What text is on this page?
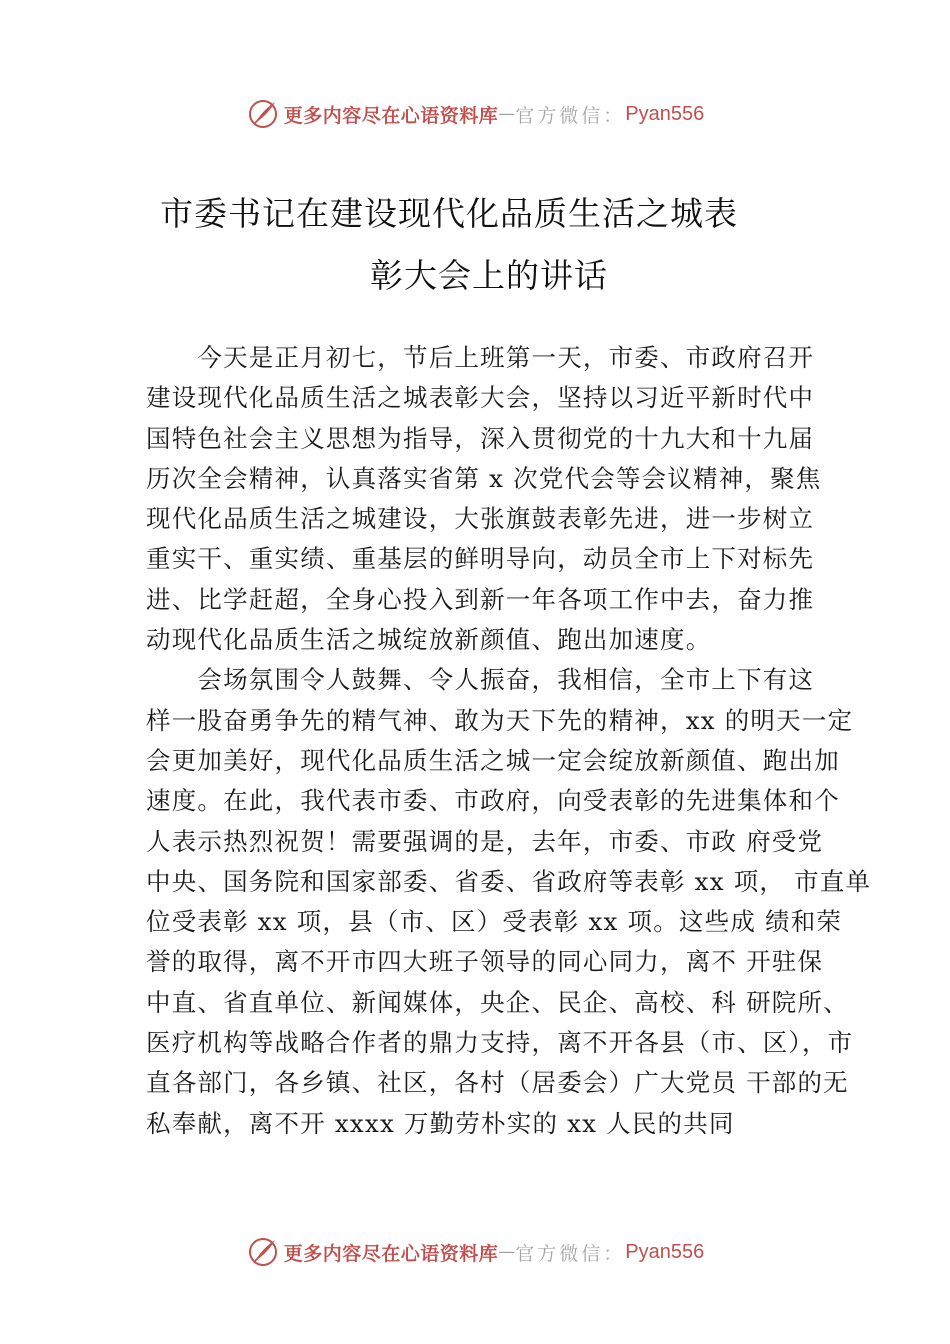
更多内容尽在心语资料库 — 官方微信： Pyan556
市委书记在建设现代化品质生活之城表
彰大会上的讲话
　　今天是正月初七，节后上班第一天，市委、市政府召开
建设现代化品质生活之城表彰大会，坚持以习近平新时代中
国特色社会主义思想为指导，深入贯彻党的十九大和十九届
历次全会精神，认真落实省第 x 次党代会等会议精神，聚焦
现代化品质生活之城建设，大张旗鼓表彰先进，进一步树立
重实干、重实绩、重基层的鲜明导向，动员全市上下对标先
进、比学赶超，全身心投入到新一年各项工作中去，奋力推
动现代化品质生活之城绽放新颜值、跑出加速度。
　　会场氛围令人鼓舞、令人振奋，我相信，全市上下有这
样一股奋勇争先的精气神、敢为天下先的精神，xx 的明天一定
会更加美好，现代化品质生活之城一定会绽放新颜值、跑出加
速度。在此，我代表市委、市政府，向受表彰的先进集体和个
人表示热烈祝贺！需要强调的是，去年，市委、市政 府受党
中央、国务院和国家部委、省委、省政府等表彰 xx 项， 市直单
位受表彰 xx 项，县（市、区）受表彰 xx 项。这些成 绩和荣
誉的取得，离不开市四大班子领导的同心同力，离不 开驻保
中直、省直单位、新闻媒体，央企、民企、高校、科 研院所、
医疗机构等战略合作者的鼎力支持，离不开各县（市、区），市
直各部门，各乡镇、社区，各村（居委会）广大党员 干部的无
私奉献，离不开 xxxx 万勤劳朴实的 xx 人民的共同
更多内容尽在心语资料库 — 官方微信： Pyan556
